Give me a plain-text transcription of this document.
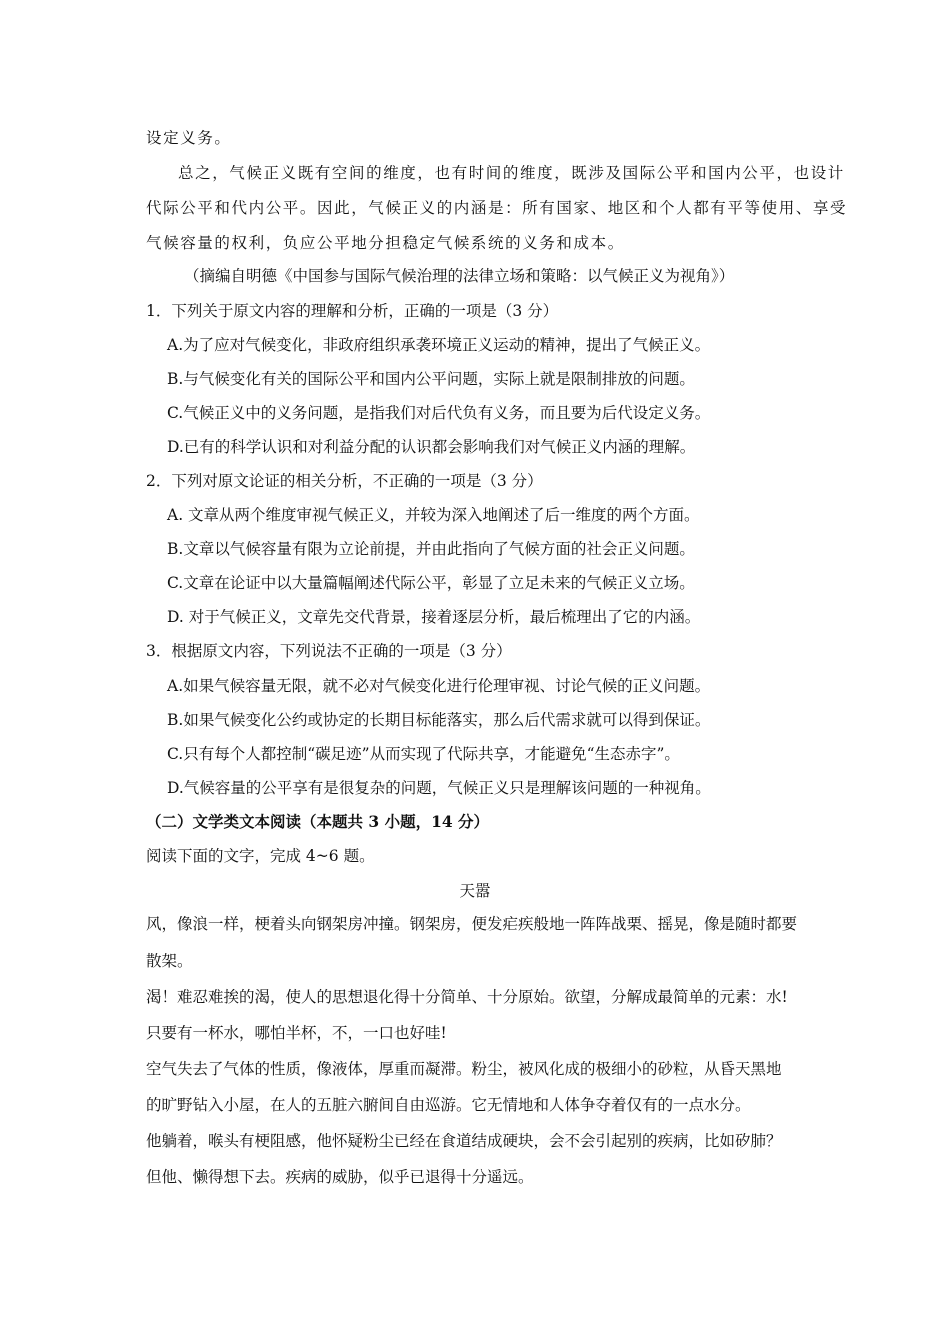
设定义务。
总之，气候正义既有空间的维度，也有时间的维度，既涉及国际公平和国内公平，也设计
代际公平和代内公平。因此，气候正义的内涵是：所有国家、地区和个人都有平等使用、享受
气候容量的权利，负应公平地分担稳定气候系统的义务和成本。
（摘编自明德《中国参与国际气候治理的法律立场和策略：以气候正义为视角》）
1．下列关于原文内容的理解和分析，正确的一项是（3 分）
A.为了应对气候变化，非政府组织承袭环境正义运动的精神，提出了气候正义。
B.与气候变化有关的国际公平和国内公平问题，实际上就是限制排放的问题。
C.气候正义中的义务问题，是指我们对后代负有义务，而且要为后代设定义务。
D.已有的科学认识和对利益分配的认识都会影响我们对气候正义内涵的理解。
2．下列对原文论证的相关分析，不正确的一项是（3 分）
A. 文章从两个维度审视气候正义，并较为深入地阐述了后一维度的两个方面。
B.文章以气候容量有限为立论前提，并由此指向了气候方面的社会正义问题。
C.文章在论证中以大量篇幅阐述代际公平，彰显了立足未来的气候正义立场。
D. 对于气候正义，文章先交代背景，接着逐层分析，最后梳理出了它的内涵。
3．根据原文内容，下列说法不正确的一项是（3 分）
A.如果气候容量无限，就不必对气候变化进行伦理审视、讨论气候的正义问题。
B.如果气候变化公约或协定的长期目标能落实，那么后代需求就可以得到保证。
C.只有每个人都控制“碳足迹”从而实现了代际共享，才能避免“生态赤字”。
D.气候容量的公平享有是很复杂的问题，气候正义只是理解该问题的一种视角。
（二）文学类文本阅读（本题共 3 小题，14 分）
阅读下面的文字，完成 4~6 题。
天嚣
风，像浪一样，梗着头向钢架房冲撞。钢架房，便发疟疾般地一阵阵战栗、摇晃，像是随时都要
散架。
渴！难忍难挨的渴，使人的思想退化得十分简单、十分原始。欲望，分解成最简单的元素：水!
只要有一杯水，哪怕半杯，不，一口也好哇!
空气失去了气体的性质，像液体，厚重而凝滞。粉尘，被风化成的极细小的砂粒，从昏天黑地
的旷野钻入小屋，在人的五脏六腑间自由巡游。它无情地和人体争夺着仅有的一点水分。
他躺着，喉头有梗阻感，他怀疑粉尘已经在食道结成硬块，会不会引起别的疾病，比如矽肺？
但他、懒得想下去。疾病的威胁，似乎已退得十分遥远。
